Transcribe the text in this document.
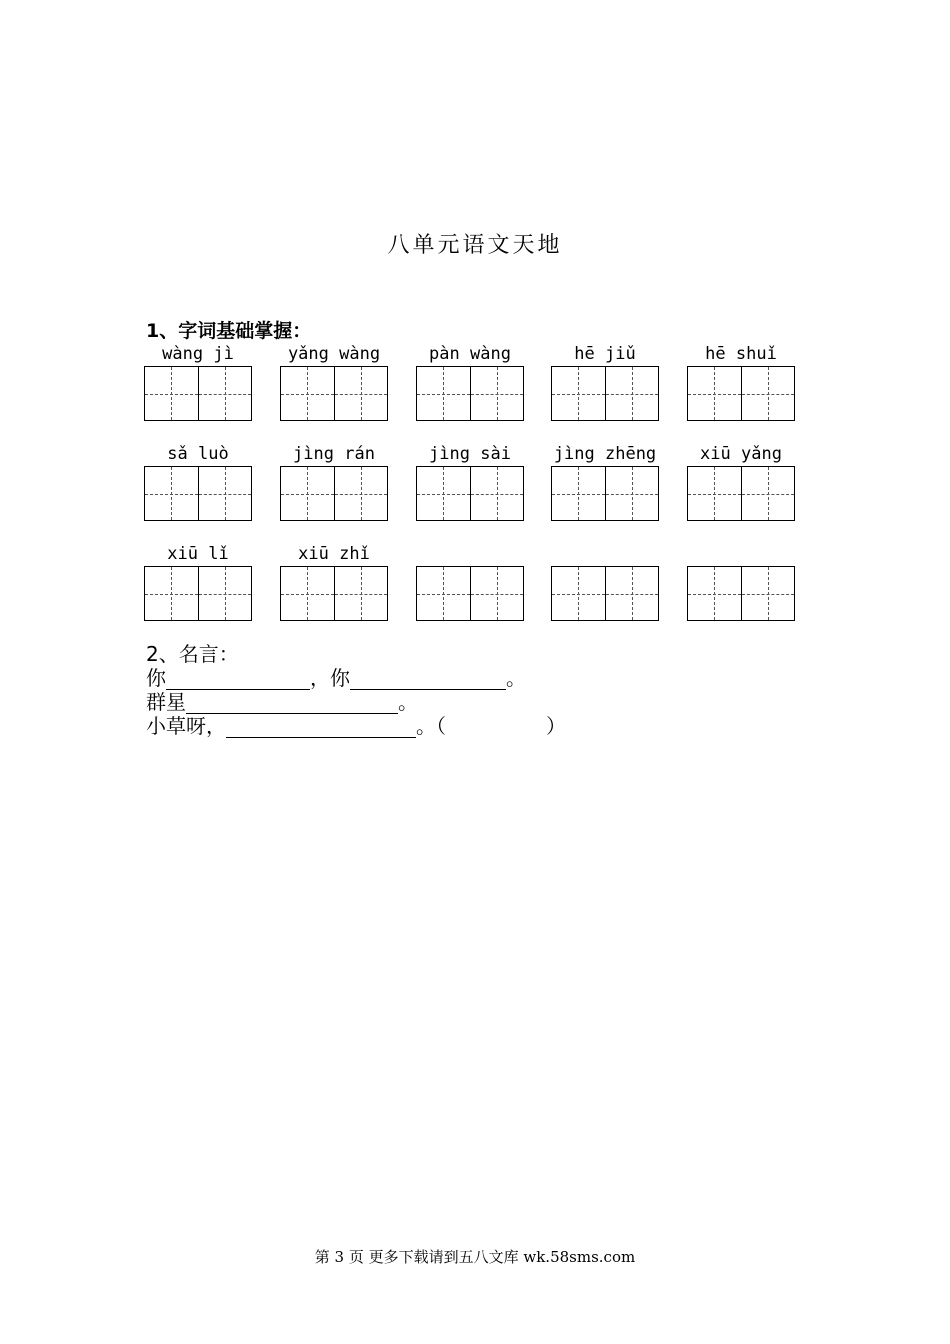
八单元语文天地
1、字词基础掌握：
wàng jì	yǎng wàng	pàn wàng	hē jiǔ	hē shuǐ
sǎ luò	jìng rán	jìng sài	jìng zhēng	xiū yǎng
xiū lǐ	xiū zhǐ
2、名言：
你	，你	。
群星	。
小草呀，	。（　　　　　）
第 3 页 更多下载请到五八文库 wk.58sms.com
